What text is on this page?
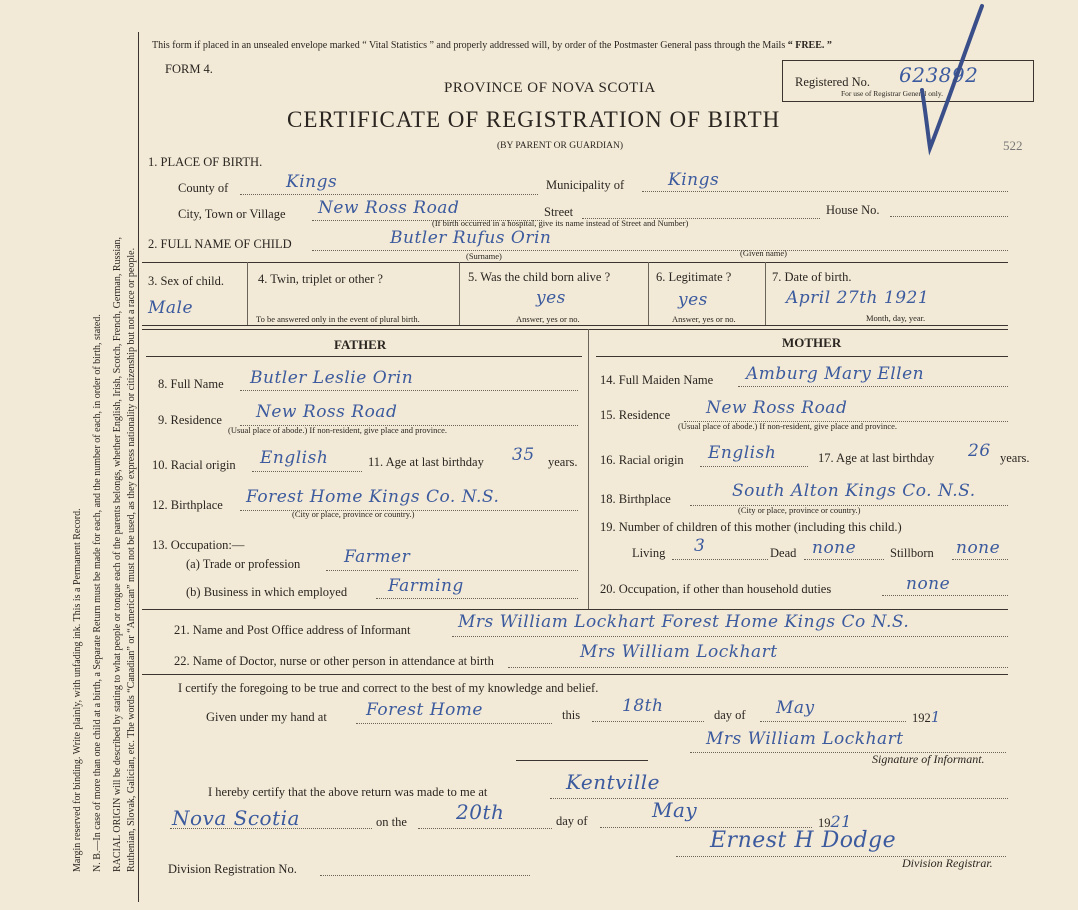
Margin reserved for binding. Write plainly, with unfading ink. This is a Permanent Record. N. B.—In case of more than one child at a birth, a Separate Return must be made for each, and the number of each, in order of birth, stated. RACIAL ORIGIN will be described by stating to what people or tongue each of the parents belongs, whether English, Irish, Scotch, French, German, Russian, Ruthenian, Slovak, Galician, etc. The words “Canadian” or “American” must not be used, as they express nationality or citizenship but not a race or people.
This form if placed in an unsealed envelope marked “ Vital Statistics ” and properly addressed will, by order of the Postmaster General pass through the Mails “ FREE. ”
FORM 4.
PROVINCE OF NOVA SCOTIA
CERTIFICATE OF REGISTRATION OF BIRTH
(BY PARENT OR GUARDIAN)
Registered No. 623892
For use of Registrar General only.
522
1. PLACE OF BIRTH.
County of	Kings	Municipality of	Kings
City, Town or Village New Ross Road	Street	House No.
(If birth occurred in a hospital, give its name instead of Street and Number)
2. FULL NAME OF CHILD	Butler Rufus Orin
(Surname)	(Given name)
3. Sex of child.
Male
4. Twin, triplet or other ?
To be answered only in the event of plural birth.
5. Was the child born alive ?
yes
Answer, yes or no.
6. Legitimate ?
yes
Answer, yes or no.
7. Date of birth.
April 27th 1921
Month, day, year.
FATHER	MOTHER
8. Full Name Butler Leslie Orin
9. Residence New Ross Road
(Usual place of abode.) If non-resident, give place and province.
10. Racial origin English	11. Age at last birthday 35 years.
12. Birthplace Forest Home Kings Co. N.S.
(City or place, province or country.)
13. Occupation:—
(a) Trade or profession	Farmer
(b) Business in which employed Farming
14. Full Maiden Name Amburg Mary Ellen
15. Residence New Ross Road
(Usual place of abode.) If non-resident, give place and province.
16. Racial origin English	17. Age at last birthday 26 years.
18. Birthplace	South Alton Kings Co. N.S.
(City or place, province or country.)
19. Number of children of this mother (including this child.)
Living 3	Dead none	Stillborn none
20. Occupation, if other than household duties	none
21. Name and Post Office address of Informant	Mrs William Lockhart Forest Home Kings Co N.S.
22. Name of Doctor, nurse or other person in attendance at birth	Mrs William Lockhart
I certify the foregoing to be true and correct to the best of my knowledge and belief.
Given under my hand at Forest Home	this 18th	day of May	1921
Mrs William Lockhart
Signature of Informant.
I hereby certify that the above return was made to me at	Kentville
Nova Scotia	on the 20th	day of	May
1921
Ernest H Dodge
Division Registrar.
Division Registration No.
